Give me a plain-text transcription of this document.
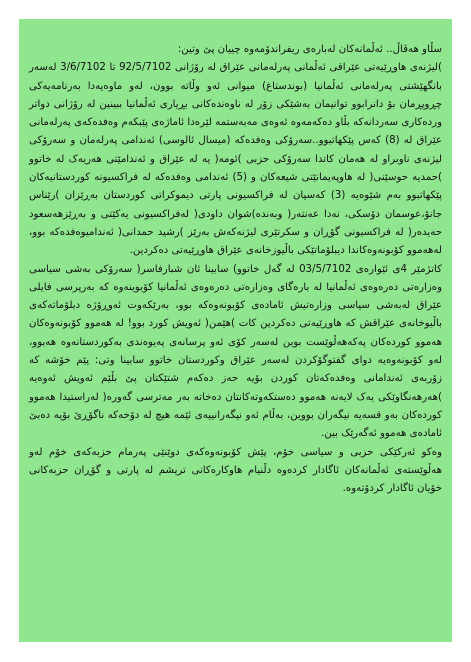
سڵاو هەڤاڵ.. ئەڵمانەکان لەبارەی ریفراندۆمەوە چییان پێ وتین:

)لیژنەی هاوڕێیەتی عێراقی ئەڵمانی پەرلەمانی عێراق لە رۆژانی 92/5/7102 تا 3/6/7102 لەسەر بانگهێشتی پەرلەمانی ئەڵمانیا (بوندستاغ) میوانی ئەو وڵاتە بوون، لەو ماوەیەدا بەرنامەیەکی چڕوپڕمان بۆ دانرابوو توانیمان بەشێکی زۆر لە ناوەندەکانی بڕیاری ئەڵمانیا ببینین لە رۆژانی دواتر وردەکاری سەردانەکە بڵاو دەکەمەوە ئەوەی مەبەستمە لێرەدا ئاماژەی پێبکەم وەفدەکەی پەرلەمانی عێراق لە (8) کەس پێکهاتبوو..سەرۆکی وەفدەکە (میسال ئالوسی) ئەندامی پەرلەمان و سەرۆکی لیژنەی ناوبراو لە هەمان کاتدا سەرۆکی حزبی )ئومە( یە لە عێراق و ئەندامێتی هەریەک لە خاتوو )حمدیە حوسێنی( لە هاوپەیمانێتی شیعەکان و (5) ئەندامی وەفدەکە لە فراکسیونە کوردستانیەکان پێکهاتبوو بەم شێوەیە (3) کەسیان لە فراکسیونی پارتی دیموکراتی کوردستان بەڕێزان )رێناس جانۆ،عوسمان دۆسکی، نەدا عەنتەر( وبەندە)شوان داودی( لەفراکسیونی یەکێتی و بەڕێزهەسعود حەیدەر( لە فراکسیونی گۆڕان و سکرتێری لیژنەکەش بەرێز )رشید حمدانی( ئەندامیوەفدەکە بوو، لەهەموو کۆبونەوەکاندا دیبلۆماتێکی باڵیوزخانەی عێراق هاوڕێیەتی دەکردین.

کاتژمێر 4ی ئێوارەی 03/5/7102 لە گەل خاتوو) سابینا ئان شبارفاسر( سەرۆکی بەشی سیاسی وەزارەتی دەرەوەی ئەڵمانیا لە بارەگای وەزارەتی دەرەوەی ئەڵمانیا کۆبوینەوە کە بەرپرسی فایلی عێراق لەبەشی سیاسی وزارەتیش ئامادەی کۆبونەوەکە بوو، بەرێکەوت ئەوڕۆژە دبلۆماتەکەی باڵیوخانەی عێراقش کە هاوڕێیەتی دەکردین کات )هێمن( ئەویش کورد بوو! لە هەموو کۆبونەوەکان هەموو کوردەکان پەکەهەڵوێست بوین لەسەر کۆی ئەو پرسانەی پەیوەندی بەکوردستانەوە هەبوو، لەو کۆبونەوەیە دوای گفتوگۆکردن لەسەر عێراق وکوردستان خاتوو سابینا وتی: پێم خۆشە کە زۆربەی ئەندامانی وەفدەکەتان کوردن بۆیە حەز دەکەم شتێکتان پێ بڵێم ئەویش ئەوەیە )هەرهەنگاوێکی یەک لایەنە هەموو دەستکەوتەکانتان دەخاتە بەر مەترسی گەورە( لەراستیدا هەموو کوردەکان بەو قسەیە نیگەران بووین، بەڵام ئەو نیگەرانییەی ئێمە هیچ لە دۆخەکە ناگۆڕێ بۆیە دەبێ ئامادەی هەموو ئەگەرێک بین.

وەکو ئەرکێکی حزبی و سیاسی خۆم، پێش کۆبونەوەکەی دوێنێی پەرمام حزبەکەی خۆم لەو هەڵوێستەی ئەڵمانەکان ئاگادار کردەوە دڵنیام هاوکارەکانی تریشم لە پارتی و گۆڕان حزبەکانی خۆیان ئاگادار کردۆتەوە.
